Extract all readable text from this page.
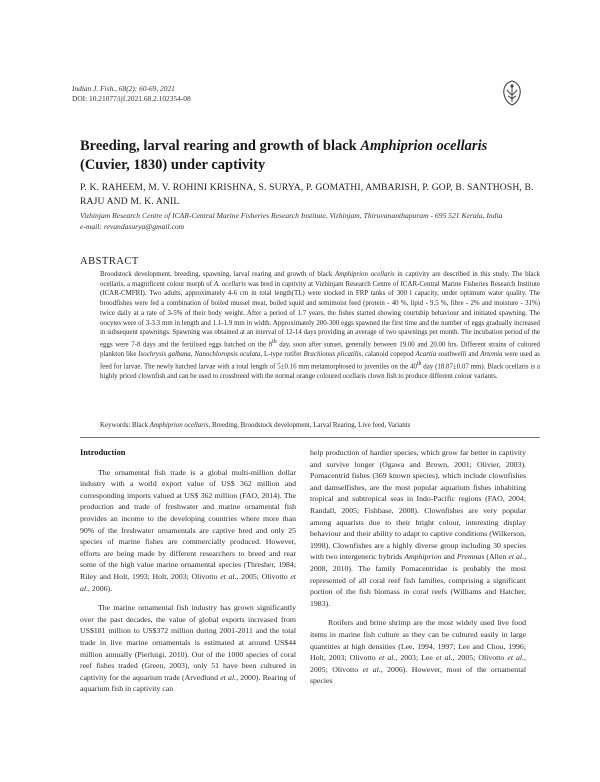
Indian J. Fish., 68(2): 60-69, 2021
DOI: 10.21077/ijf.2021.68.2.102354-08
Breeding, larval rearing and growth of black Amphiprion ocellaris (Cuvier, 1830) under captivity
P. K. RAHEEM, M. V. ROHINI KRISHNA, S. SURYA, P. GOMATHI, AMBARISH, P. GOP, B. SANTHOSH, B. RAJU AND M. K. ANIL
Vizhinjam Research Centre of ICAR-Central Marine Fisheries Research Institute, Vizhinjam, Thiruvananthapuram - 695 521 Kerala, India
e-mail: revandasurya@gmail.com
ABSTRACT
Broodstock development, breeding, spawning, larval rearing and growth of black Amphiprion ocellaris in captivity are described in this study. The black ocellaris, a magnificent colour morph of A. ocellaris was bred in captivity at Vizhinjam Research Centre of ICAR-Central Marine Fisheries Research Institute (ICAR-CMFRI). Two adults, approximately 4-6 cm in total length(TL) were stocked in FRP tanks of 300 l capacity, under optimum water quality. The broodfishes were fed a combination of boiled mussel meat, boiled squid and semimoist feed (protein - 40 %, lipid - 9.5 %, fibre - 2% and moisture - 31%) twice daily at a rate of 3-5% of their body weight. After a period of 1.7 years, the fishes started showing courtship behaviour and initiated spawning. The oocytes were of 3-3.3 mm in length and 1.1-1.9 mm in width. Approximately 200-300 eggs spawned the first time and the number of eggs gradually increased in subsequent spawnings. Spawning was obtained at an interval of 12-14 days providing an average of two spawnings per month. The incubation period of the eggs were 7-8 days and the fertilised eggs hatched on the 8th day, soon after sunset, generally between 19.00 and 20.00 hrs. Different strains of cultured plankton like Isochrysis galbana, Nanochloropsis oculata, L-type rotifer Brachionus plicatilis, calanoid copepod Acartia southwelli and Artemia were used as feed for larvae. The newly hatched larvae with a total length of 5±0.16 mm metamorphosed to juveniles on the 40th day (18.87±0.07 mm). Black ocellaris is a highly priced clownfish and can be used to crossbreed with the normal orange coloured ocellaris clown fish to produce different colour variants.
Keywords: Black Amphiprion ocellaris, Breeding, Broodstock development, Larval Rearing, Live feed, Variants
Introduction

The ornamental fish trade is a global multi-million dollar industry with a world export value of US$ 362 million and corresponding imports valued at US$ 362 million (FAO, 2014). The production and trade of freshwater and marine ornamental fish provides an income to the developing countries where more than 90% of the freshwater ornamentals are captive bred and only 25 species of marine fishes are commercially produced. However, efforts are being made by different researchers to breed and rear some of the high value marine ornamental species (Thresher, 1984; Riley and Holt, 1993; Holt, 2003; Olivotto et al., 2005; Olivotto et al., 2006).

The marine ornamental fish industry has grown significantly over the past decades, the value of global exports increased from US$181 million to US$372 million during 2001-2011 and the total trade in live marine ornamentals is estimated at around US$44 million annually (Pierluigi, 2010). Out of the 1000 species of coral reef fishes traded (Green, 2003), only 51 have been cultured in captivity for the aquarium trade (Arvedlund et al., 2000). Rearing of aquarium fish in captivity can

help production of hardier species, which grow far better in captivity and survive longer (Ogawa and Brown, 2001; Olivier, 2003). Pomacentrid fishes (369 known species), which include clownfishes and damselfishes, are the most popular aquarium fishes inhabiting tropical and subtropical seas in Indo-Pacific regions (FAO, 2004; Randall, 2005; Fishbase, 2008). Clownfishes are very popular among aquarists due to their bright colour, interesting display behaviour and their ability to adapt to captive conditions (Wilkerson, 1998). Clownfishes are a highly diverse group including 30 species with two intergeneric hybrids Amphiprion and Premnas (Allen et al., 2008, 2010). The family Pomacentridae is probably the most represented of all coral reef fish families, comprising a significant portion of the fish biomass in coral reefs (Williams and Hatcher, 1983).

Rotifers and brine shrimp are the most widely used live food items in marine fish culture as they can be cultured easily in large quantities at high densities (Lee, 1994, 1997; Lee and Chou, 1996; Holt, 2003; Olivotto et al., 2003; Lee et al., 2005; Olivotto et al., 2005; Olivotto et al., 2006). However, most of the ornamental species
